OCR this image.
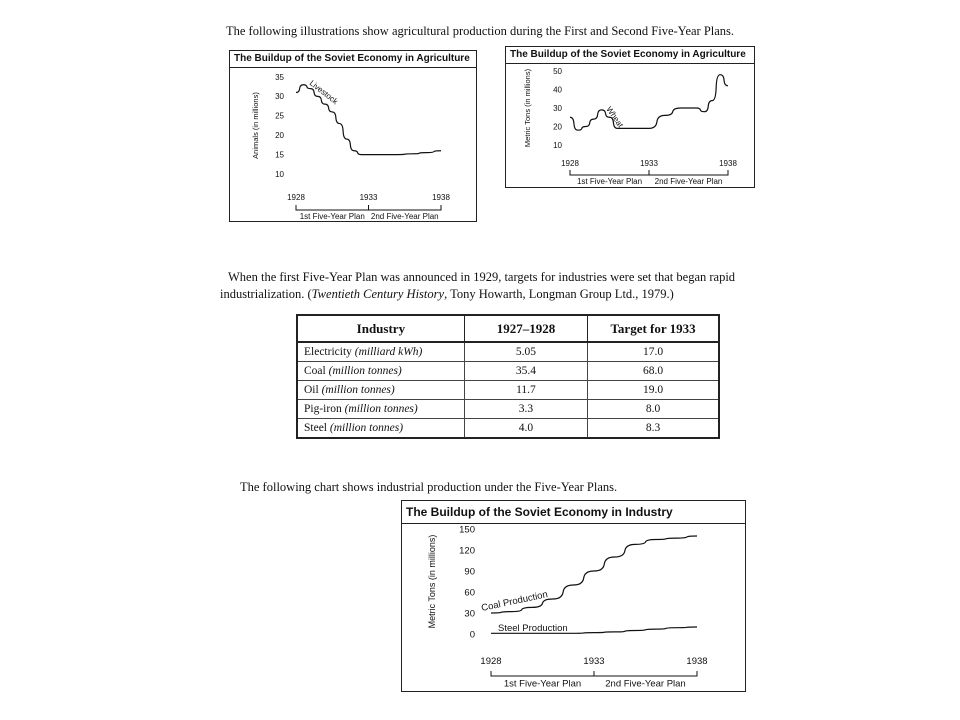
The following illustrations show agricultural production during the First and Second Five-Year Plans.
The Buildup of the Soviet Economy in Agriculture
35
30
25
20
15
10
Animals (in millions)
1928	1933	1938
1st Five-Year Plan 2nd Five-Year Plan
Livestock
The Buildup of the Soviet Economy in Agriculture
50
40
30
20
10
Metric Tons (in millions)
1928	1933	1938
1st Five-Year Plan 2nd Five-Year Plan
Wheat
When the first Five-Year Plan was announced in 1929, targets for industries were set that began rapid
industrialization. (Twentieth Century History, Tony Howarth, Longman Group Ltd., 1979.)
Industry	1927–1928	Target for 1933
Electricity (milliard kWh)	5.05	17.0
Coal (million tonnes)	35.4	68.0
Oil (million tonnes)	11.7	19.0
Pig-iron (million tonnes)	3.3	8.0
Steel (million tonnes)	4.0	8.3
The following chart shows industrial production under the Five-Year Plans.
The Buildup of the Soviet Economy in Industry
150
120
90
60
30
0
Metric Tons (in millions)
1928	1933	1938
1st Five-Year Plan	2nd Five-Year Plan
Coal Production
Steel Production
